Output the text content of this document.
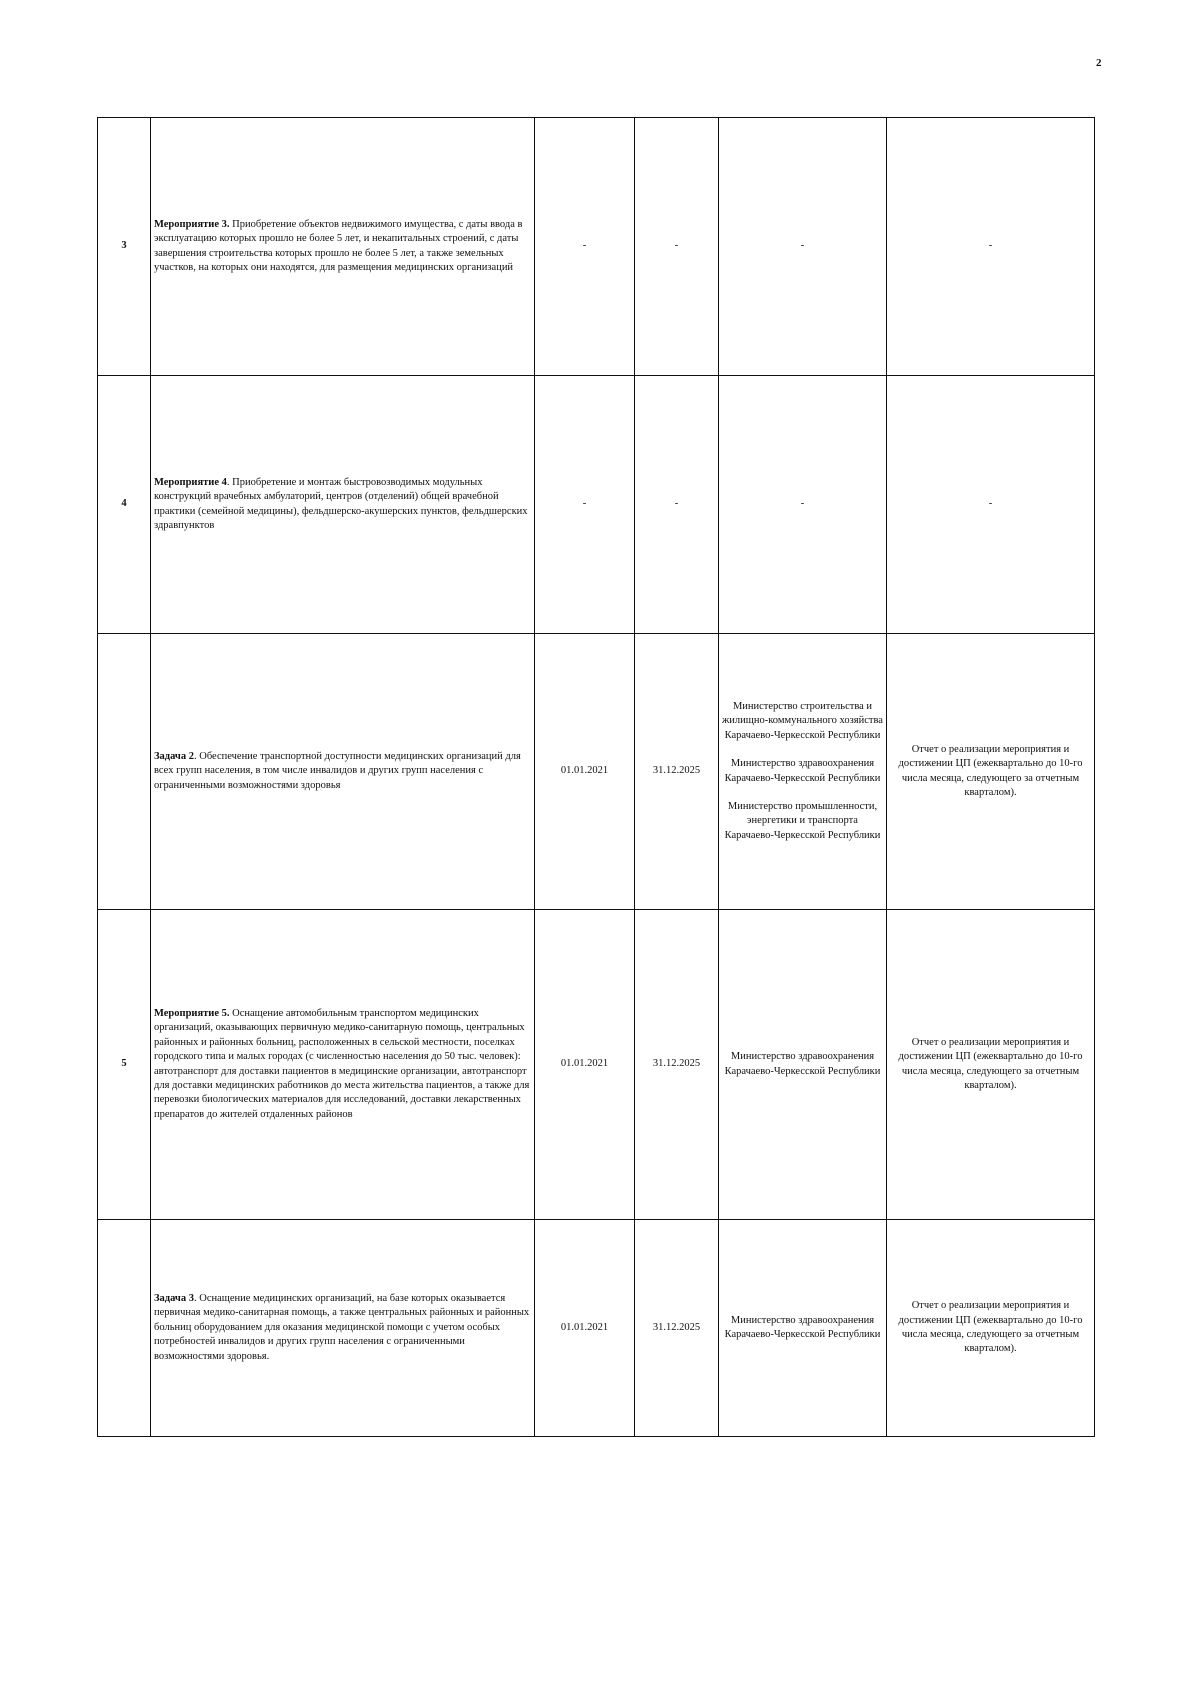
2
3	Мероприятие 3. Приобретение объектов недвижимого имущества, с даты ввода в эксплуатацию которых прошло не более 5 лет, и некапитальных строений, с даты завершения строительства которых прошло не более 5 лет, а также земельных участков, на которых они находятся, для размещения медицинских организаций	-	-	-	-
4	Мероприятие 4. Приобретение и монтаж быстровозводимых модульных конструкций врачебных амбулаторий, центров (отделений) общей врачебной практики (семейной медицины), фельдшерско-акушерских пунктов, фельдшерских здравпунктов	-	-	-	-
	Задача 2. Обеспечение транспортной доступности медицинских организаций для всех групп населения, в том числе инвалидов и других групп населения с ограниченными возможностями здоровья	01.01.2021	31.12.2025	Министерство строительства и жилищно-коммунального хозяйства Карачаево-Черкесской Республики
Министерство здравоохранения Карачаево-Черкесской Республики
Министерство промышленности, энергетики и транспорта Карачаево-Черкесской Республики	Отчет о реализации мероприятия и достижении ЦП (ежеквартально до 10-го числа месяца, следующего за отчетным кварталом).
5	Мероприятие 5. Оснащение автомобильным транспортом медицинских организаций, оказывающих первичную медико-санитарную помощь, центральных районных и районных больниц, расположенных в сельской местности, поселках городского типа и малых городах (с численностью населения до 50 тыс. человек): автотранспорт для доставки пациентов в медицинские организации, автотранспорт для доставки медицинских работников до места жительства пациентов, а также для перевозки биологических материалов для исследований, доставки лекарственных препаратов до жителей отдаленных районов	01.01.2021	31.12.2025	Министерство здравоохранения Карачаево-Черкесской Республики	Отчет о реализации мероприятия и достижении ЦП (ежеквартально до 10-го числа месяца, следующего за отчетным кварталом).
	Задача 3. Оснащение медицинских организаций, на базе которых оказывается первичная медико-санитарная помощь, а также центральных районных и районных больниц оборудованием для оказания медицинской помощи с учетом особых потребностей инвалидов и других групп населения с ограниченными возможностями здоровья.	01.01.2021	31.12.2025	Министерство здравоохранения Карачаево-Черкесской Республики	Отчет о реализации мероприятия и достижении ЦП (ежеквартально до 10-го числа месяца, следующего за отчетным кварталом).
